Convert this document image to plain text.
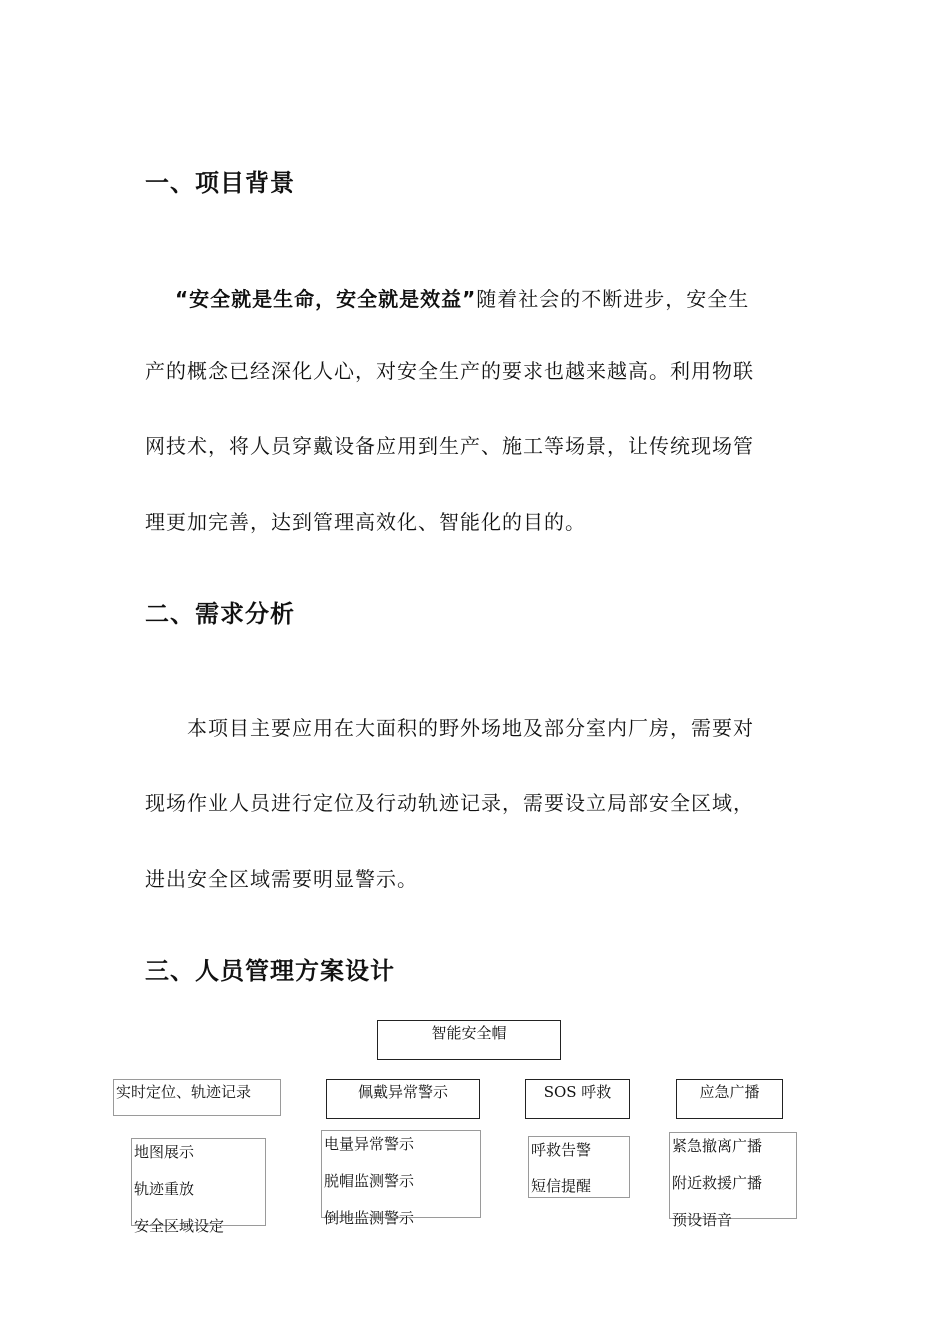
一、项目背景
“安全就是生命，安全就是效益”随着社会的不断进步，安全生
产的概念已经深化人心，对安全生产的要求也越来越高。利用物联
网技术，将人员穿戴设备应用到生产、施工等场景，让传统现场管
理更加完善，达到管理高效化、智能化的目的。
二、需求分析
本项目主要应用在大面积的野外场地及部分室内厂房，需要对
现场作业人员进行定位及行动轨迹记录，需要设立局部安全区域，
进出安全区域需要明显警示。
三、人员管理方案设计
智能安全帽
实时定位、轨迹记录
地图展示
轨迹重放
安全区域设定
佩戴异常警示
电量异常警示
脱帽监测警示
倒地监测警示
SOS 呼救
呼救告警
短信提醒
应急广播
紧急撤离广播
附近救援广播
预设语音
